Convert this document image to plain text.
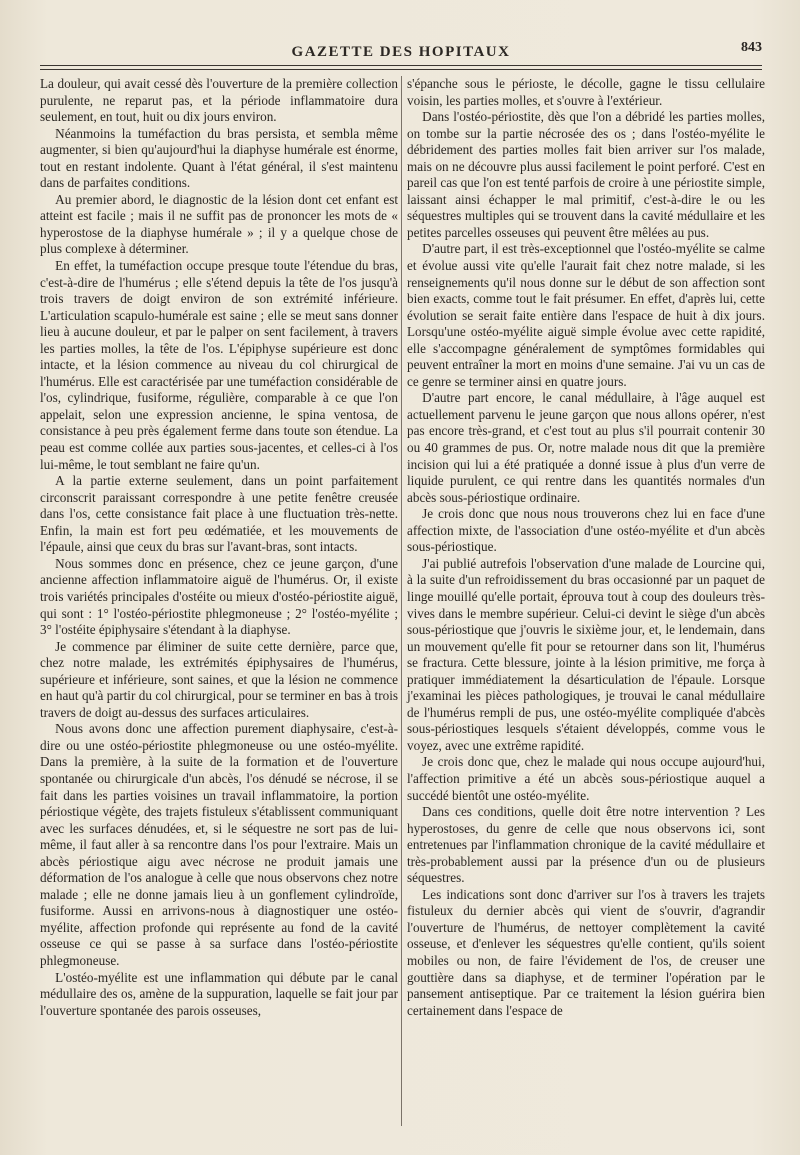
GAZETTE DES HOPITAUX	843

La douleur, qui avait cessé dès l'ouverture de la première collection purulente, ne reparut pas, et la période inflammatoire dura seulement, en tout, huit ou dix jours environ.

Néanmoins la tuméfaction du bras persista, et sembla même augmenter, si bien qu'aujourd'hui la diaphyse humérale est énorme, tout en restant indolente. Quant à l'état général, il s'est maintenu dans de parfaites conditions.

Au premier abord, le diagnostic de la lésion dont cet enfant est atteint est facile ; mais il ne suffit pas de prononcer les mots de « hyperostose de la diaphyse humérale » ; il y a quelque chose de plus complexe à déterminer.

En effet, la tuméfaction occupe presque toute l'étendue du bras, c'est-à-dire de l'humérus ; elle s'étend depuis la tête de l'os jusqu'à trois travers de doigt environ de son extrémité inférieure. L'articulation scapulo-humérale est saine ; elle se meut sans donner lieu à aucune douleur, et par le palper on sent facilement, à travers les parties molles, la tête de l'os. L'épiphyse supérieure est donc intacte, et la lésion commence au niveau du col chirurgical de l'humérus. Elle est caractérisée par une tuméfaction considérable de l'os, cylindrique, fusiforme, régulière, comparable à ce que l'on appelait, selon une expression ancienne, le spina ventosa, de consistance à peu près également ferme dans toute son étendue. La peau est comme collée aux parties sous-jacentes, et celles-ci à l'os lui-même, le tout semblant ne faire qu'un.

A la partie externe seulement, dans un point parfaitement circonscrit paraissant correspondre à une petite fenêtre creusée dans l'os, cette consistance fait place à une fluctuation très-nette. Enfin, la main est fort peu œdématiée, et les mouvements de l'épaule, ainsi que ceux du bras sur l'avant-bras, sont intacts.

Nous sommes donc en présence, chez ce jeune garçon, d'une ancienne affection inflammatoire aiguë de l'humérus. Or, il existe trois variétés principales d'ostéite ou mieux d'ostéo-périostite aiguë, qui sont : 1° l'ostéo-périostite phlegmoneuse ; 2° l'ostéo-myélite ; 3° l'ostéite épiphysaire s'étendant à la diaphyse.

Je commence par éliminer de suite cette dernière, parce que, chez notre malade, les extrémités épiphysaires de l'humérus, supérieure et inférieure, sont saines, et que la lésion ne commence en haut qu'à partir du col chirurgical, pour se terminer en bas à trois travers de doigt au-dessus des surfaces articulaires.

Nous avons donc une affection purement diaphysaire, c'est-à-dire ou une ostéo-périostite phlegmoneuse ou une ostéo-myélite. Dans la première, à la suite de la formation et de l'ouverture spontanée ou chirurgicale d'un abcès, l'os dénudé se nécrose, il se fait dans les parties voisines un travail inflammatoire, la portion périostique végète, des trajets fistuleux s'établissent communiquant avec les surfaces dénudées, et, si le séquestre ne sort pas de lui-même, il faut aller à sa rencontre dans l'os pour l'extraire. Mais un abcès périostique aigu avec nécrose ne produit jamais une déformation de l'os analogue à celle que nous observons chez notre malade ; elle ne donne jamais lieu à un gonflement cylindroïde, fusiforme. Aussi en arrivons-nous à diagnostiquer une ostéo-myélite, affection profonde qui représente au fond de la cavité osseuse ce qui se passe à sa surface dans l'ostéo-périostite phlegmoneuse.

L'ostéo-myélite est une inflammation qui débute par le canal médullaire des os, amène de la suppuration, laquelle se fait jour par l'ouverture spontanée des parois osseuses,

s'épanche sous le périoste, le décolle, gagne le tissu cellulaire voisin, les parties molles, et s'ouvre à l'extérieur.

Dans l'ostéo-périostite, dès que l'on a débridé les parties molles, on tombe sur la partie nécrosée des os ; dans l'ostéo-myélite le débridement des parties molles fait bien arriver sur l'os malade, mais on ne découvre plus aussi facilement le point perforé. C'est en pareil cas que l'on est tenté parfois de croire à une périostite simple, laissant ainsi échapper le mal primitif, c'est-à-dire le ou les séquestres multiples qui se trouvent dans la cavité médullaire et les petites parcelles osseuses qui peuvent être mêlées au pus.

D'autre part, il est très-exceptionnel que l'ostéo-myélite se calme et évolue aussi vite qu'elle l'aurait fait chez notre malade, si les renseignements qu'il nous donne sur le début de son affection sont bien exacts, comme tout le fait présumer. En effet, d'après lui, cette évolution se serait faite entière dans l'espace de huit à dix jours. Lorsqu'une ostéo-myélite aiguë simple évolue avec cette rapidité, elle s'accompagne généralement de symptômes formidables qui peuvent entraîner la mort en moins d'une semaine. J'ai vu un cas de ce genre se terminer ainsi en quatre jours.

D'autre part encore, le canal médullaire, à l'âge auquel est actuellement parvenu le jeune garçon que nous allons opérer, n'est pas encore très-grand, et c'est tout au plus s'il pourrait contenir 30 ou 40 grammes de pus. Or, notre malade nous dit que la première incision qui lui a été pratiquée a donné issue à plus d'un verre de liquide purulent, ce qui rentre dans les quantités normales d'un abcès sous-périostique ordinaire.

Je crois donc que nous nous trouverons chez lui en face d'une affection mixte, de l'association d'une ostéo-myélite et d'un abcès sous-périostique.

J'ai publié autrefois l'observation d'une malade de Lourcine qui, à la suite d'un refroidissement du bras occasionné par un paquet de linge mouillé qu'elle portait, éprouva tout à coup des douleurs très-vives dans le membre supérieur. Celui-ci devint le siège d'un abcès sous-périostique que j'ouvris le sixième jour, et, le lendemain, dans un mouvement qu'elle fit pour se retourner dans son lit, l'humérus se fractura. Cette blessure, jointe à la lésion primitive, me força à pratiquer immédiatement la désarticulation de l'épaule. Lorsque j'examinai les pièces pathologiques, je trouvai le canal médullaire de l'humérus rempli de pus, une ostéo-myélite compliquée d'abcès sous-périostiques lesquels s'étaient développés, comme vous le voyez, avec une extrême rapidité.

Je crois donc que, chez le malade qui nous occupe aujourd'hui, l'affection primitive a été un abcès sous-périostique auquel a succédé bientôt une ostéo-myélite.

Dans ces conditions, quelle doit être notre intervention ? Les hyperostoses, du genre de celle que nous observons ici, sont entretenues par l'inflammation chronique de la cavité médullaire et très-probablement aussi par la présence d'un ou de plusieurs séquestres.

Les indications sont donc d'arriver sur l'os à travers les trajets fistuleux du dernier abcès qui vient de s'ouvrir, d'agrandir l'ouverture de l'humérus, de nettoyer complètement la cavité osseuse, et d'enlever les séquestres qu'elle contient, qu'ils soient mobiles ou non, de faire l'évidement de l'os, de creuser une gouttière dans sa diaphyse, et de terminer l'opération par le pansement antiseptique. Par ce traitement la lésion guérira bien certainement dans l'espace de
